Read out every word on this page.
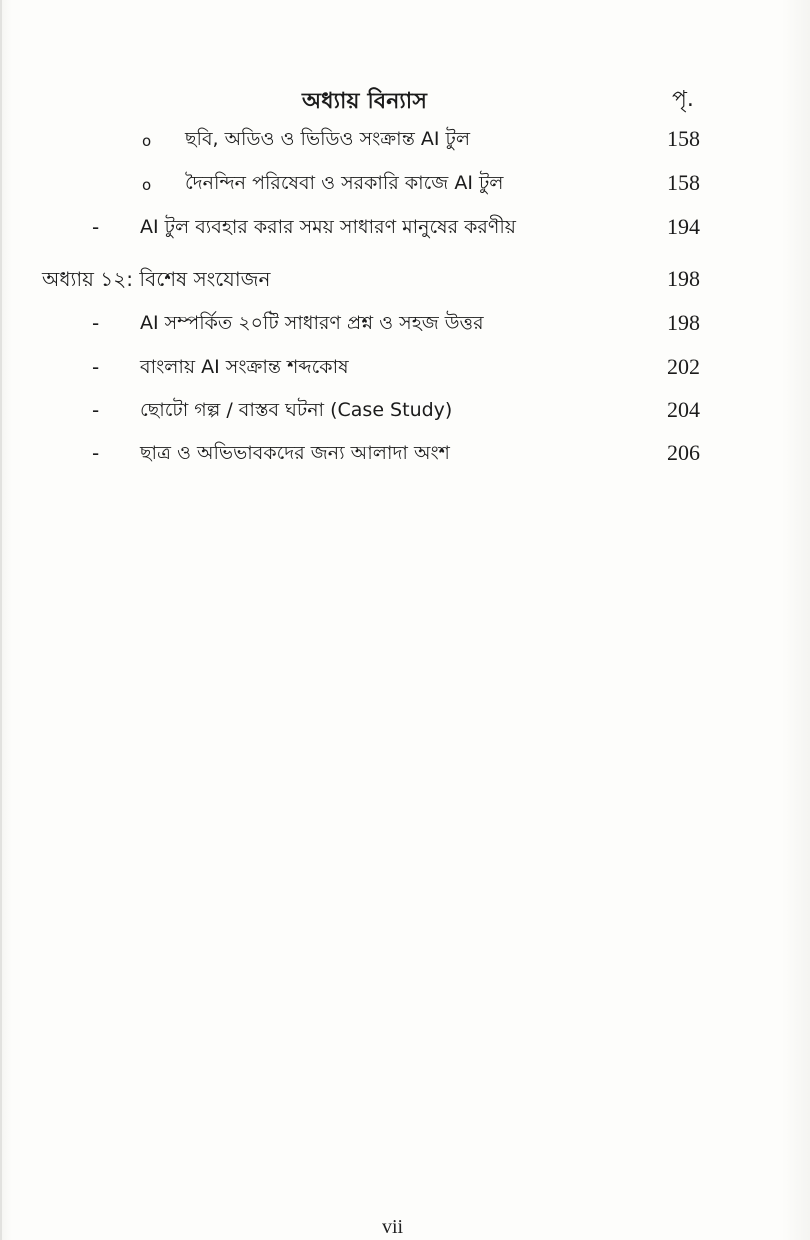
অধ্যায় বিন্যাস	পৃ.
o ছবি, অডিও ও ভিডিও সংক্রান্ত AI টুল	158
o দৈনন্দিন পরিষেবা ও সরকারি কাজে AI টুল	158
- AI টুল ব্যবহার করার সময় সাধারণ মানুষের করণীয়	194
অধ্যায় ১২: বিশেষ সংযোজন	198
- AI সম্পর্কিত ২০টি সাধারণ প্রশ্ন ও সহজ উত্তর	198
- বাংলায় AI সংক্রান্ত শব্দকোষ	202
- ছোটো গল্প / বাস্তব ঘটনা (Case Study)	204
- ছাত্র ও অভিভাবকদের জন্য আলাদা অংশ	206
vii
